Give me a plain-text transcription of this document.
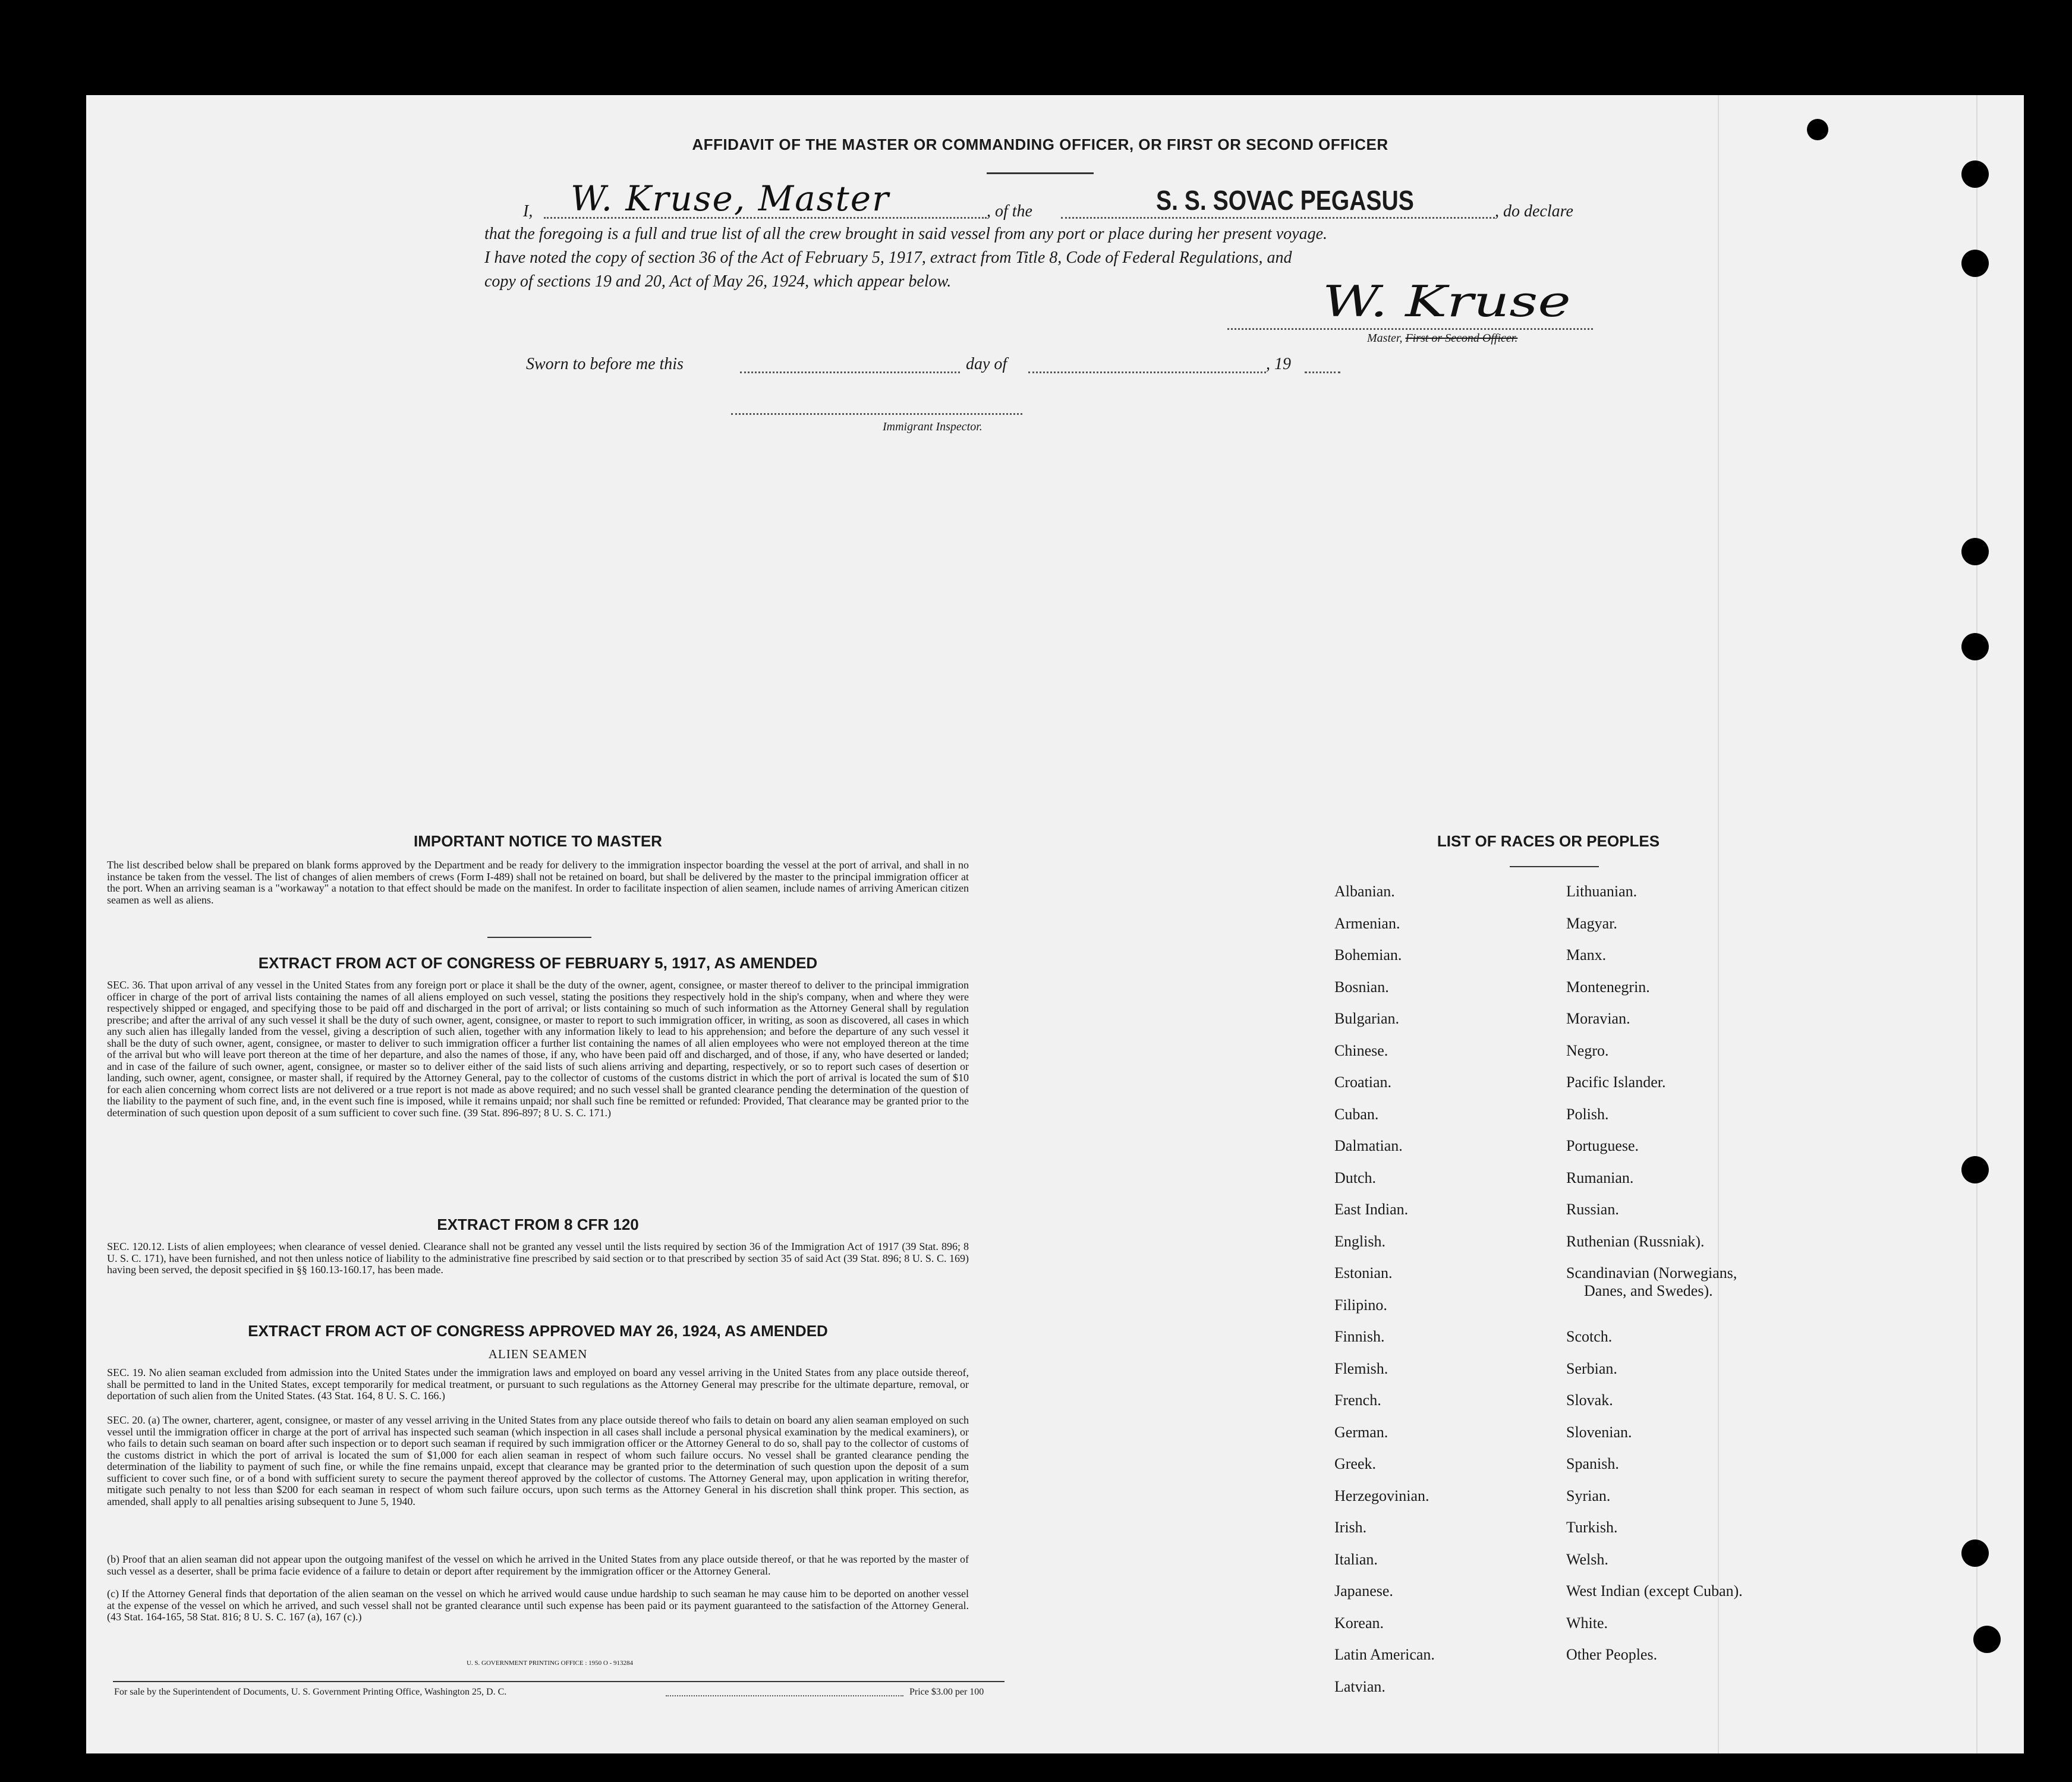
AFFIDAVIT OF THE MASTER OR COMMANDING OFFICER, OR FIRST OR SECOND OFFICER
I, W. Kruse, Master	, of the	S. S. SOVAC PEGASUS	, do declare
that the foregoing is a full and true list of all the crew brought in said vessel from any port or place during her present voyage.
I have noted the copy of section 36 of the Act of February 5, 1917, extract from Title 8, Code of Federal Regulations, and
copy of sections 19 and 20, Act of May 26, 1924, which appear below.	W. Kruse
Master, First or Second Officer.
Sworn to before me this	day of	, 19
Immigrant Inspector.
IMPORTANT NOTICE TO MASTER
The list described below shall be prepared on blank forms approved by the Department and be ready for delivery to the immigration inspector boarding the vessel at the port of arrival, and shall in no instance be taken from the vessel. The list of changes of alien members of crews (Form I-489) shall not be retained on board, but shall be delivered by the master to the principal immigration officer at the port. When an arriving seaman is a "workaway" a notation to that effect should be made on the manifest. In order to facilitate inspection of alien seamen, include names of arriving American citizen seamen as well as aliens.
EXTRACT FROM ACT OF CONGRESS OF FEBRUARY 5, 1917, AS AMENDED
SEC. 36. That upon arrival of any vessel in the United States from any foreign port or place it shall be the duty of the owner, agent, consignee, or master thereof to deliver to the principal immigration officer in charge of the port of arrival lists containing the names of all aliens employed on such vessel, stating the positions they respectively hold in the ship's company, when and where they were respectively shipped or engaged, and specifying those to be paid off and discharged in the port of arrival; or lists containing so much of such information as the Attorney General shall by regulation prescribe; and after the arrival of any such vessel it shall be the duty of such owner, agent, consignee, or master to report to such immigration officer, in writing, as soon as discovered, all cases in which any such alien has illegally landed from the vessel, giving a description of such alien, together with any information likely to lead to his apprehension; and before the departure of any such vessel it shall be the duty of such owner, agent, consignee, or master to deliver to such immigration officer a further list containing the names of all alien employees who were not employed thereon at the time of the arrival but who will leave port thereon at the time of her departure, and also the names of those, if any, who have been paid off and discharged, and of those, if any, who have deserted or landed; and in case of the failure of such owner, agent, consignee, or master so to deliver either of the said lists of such aliens arriving and departing, respectively, or so to report such cases of desertion or landing, such owner, agent, consignee, or master shall, if required by the Attorney General, pay to the collector of customs of the customs district in which the port of arrival is located the sum of $10 for each alien concerning whom correct lists are not delivered or a true report is not made as above required; and no such vessel shall be granted clearance pending the determination of the question of the liability to the payment of such fine, and, in the event such fine is imposed, while it remains unpaid; nor shall such fine be remitted or refunded: Provided, That clearance may be granted prior to the determination of such question upon deposit of a sum sufficient to cover such fine. (39 Stat. 896-897; 8 U. S. C. 171.)
EXTRACT FROM 8 CFR 120
SEC. 120.12. Lists of alien employees; when clearance of vessel denied. Clearance shall not be granted any vessel until the lists required by section 36 of the Immigration Act of 1917 (39 Stat. 896; 8 U. S. C. 171), have been furnished, and not then unless notice of liability to the administrative fine prescribed by said section or to that prescribed by section 35 of said Act (39 Stat. 896; 8 U. S. C. 169) having been served, the deposit specified in §§ 160.13-160.17, has been made.
EXTRACT FROM ACT OF CONGRESS APPROVED MAY 26, 1924, AS AMENDED
ALIEN SEAMEN
SEC. 19. No alien seaman excluded from admission into the United States under the immigration laws and employed on board any vessel arriving in the United States from any place outside thereof, shall be permitted to land in the United States, except temporarily for medical treatment, or pursuant to such regulations as the Attorney General may prescribe for the ultimate departure, removal, or deportation of such alien from the United States. (43 Stat. 164, 8 U. S. C. 166.)
SEC. 20. (a) The owner, charterer, agent, consignee, or master of any vessel arriving in the United States from any place outside thereof who fails to detain on board any alien seaman employed on such vessel until the immigration officer in charge at the port of arrival has inspected such seaman (which inspection in all cases shall include a personal physical examination by the medical examiners), or who fails to detain such seaman on board after such inspection or to deport such seaman if required by such immigration officer or the Attorney General to do so, shall pay to the collector of customs of the customs district in which the port of arrival is located the sum of $1,000 for each alien seaman in respect of whom such failure occurs. No vessel shall be granted clearance pending the determination of the liability to payment of such fine, or while the fine remains unpaid, except that clearance may be granted prior to the determination of such question upon the deposit of a sum sufficient to cover such fine, or of a bond with sufficient surety to secure the payment thereof approved by the collector of customs. The Attorney General may, upon application in writing therefor, mitigate such penalty to not less than $200 for each seaman in respect of whom such failure occurs, upon such terms as the Attorney General in his discretion shall think proper. This section, as amended, shall apply to all penalties arising subsequent to June 5, 1940.
(b) Proof that an alien seaman did not appear upon the outgoing manifest of the vessel on which he arrived in the United States from any place outside thereof, or that he was reported by the master of such vessel as a deserter, shall be prima facie evidence of a failure to detain or deport after requirement by the immigration officer or the Attorney General.
(c) If the Attorney General finds that deportation of the alien seaman on the vessel on which he arrived would cause undue hardship to such seaman he may cause him to be deported on another vessel at the expense of the vessel on which he arrived, and such vessel shall not be granted clearance until such expense has been paid or its payment guaranteed to the satisfaction of the Attorney General. (43 Stat. 164-165, 58 Stat. 816; 8 U. S. C. 167 (a), 167 (c).)
U. S. GOVERNMENT PRINTING OFFICE : 1950 O - 913284
For sale by the Superintendent of Documents, U. S. Government Printing Office, Washington 25, D. C.	Price $3.00 per 100
LIST OF RACES OR PEOPLES
Albanian.
Armenian.
Bohemian.
Bosnian.
Bulgarian.
Chinese.
Croatian.
Cuban.
Dalmatian.
Dutch.
East Indian.
English.
Estonian.
Filipino.
Finnish.
Flemish.
French.
German.
Greek.
Herzegovinian.
Irish.
Italian.
Japanese.
Korean.
Latin American.
Latvian.
Lithuanian.
Magyar.
Manx.
Montenegrin.
Moravian.
Negro.
Pacific Islander.
Polish.
Portuguese.
Rumanian.
Russian.
Ruthenian (Russniak).
Scandinavian (Norwegians,
Danes, and Swedes).
Scotch.
Serbian.
Slovak.
Slovenian.
Spanish.
Syrian.
Turkish.
Welsh.
West Indian (except Cuban).
White.
Other Peoples.
